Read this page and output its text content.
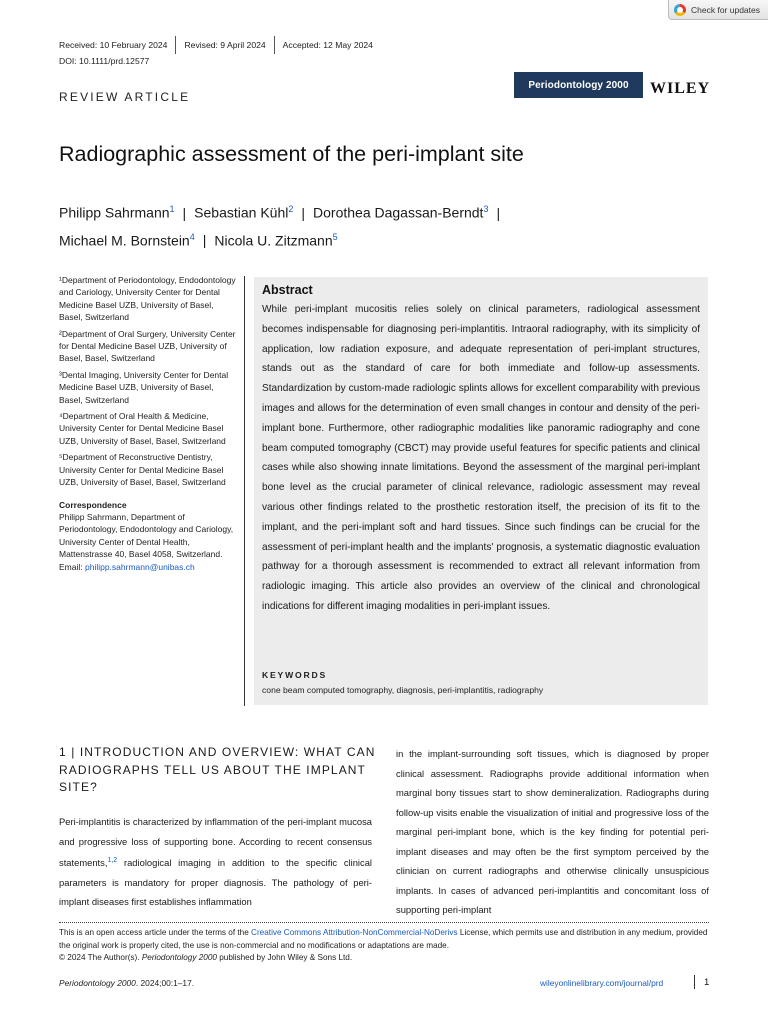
Check for updates
Received: 10 February 2024 Revised: 9 April 2024 Accepted: 12 May 2024
DOI: 10.1111/prd.12577
Periodontology 2000	WILEY
REVIEW ARTICLE
Radiographic assessment of the peri-implant site
Philipp Sahrmann$^1$ | Sebastian Kühl$^2$ | Dorothea Dagassan-Berndt$^3$ |
Michael M. Bornstein$^4$ | Nicola U. Zitzmann$^5$
¹Department of Periodontology, Endodontology and Cariology, University Center for Dental Medicine Basel UZB, University of Basel, Basel, Switzerland
²Department of Oral Surgery, University Center for Dental Medicine Basel UZB, University of Basel, Basel, Switzerland
³Dental Imaging, University Center for Dental Medicine Basel UZB, University of Basel, Basel, Switzerland
⁴Department of Oral Health & Medicine, University Center for Dental Medicine Basel UZB, University of Basel, Basel, Switzerland
⁵Department of Reconstructive Dentistry, University Center for Dental Medicine Basel UZB, University of Basel, Basel, Switzerland
Correspondence
Philipp Sahrmann, Department of Periodontology, Endodontology and Cariology, University Center of Dental Health, Mattenstrasse 40, Basel 4058, Switzerland.
Email: philipp.sahrmann@unibas.ch
Abstract
While peri-implant mucositis relies solely on clinical parameters, radiological assessment becomes indispensable for diagnosing peri-implantitis. Intraoral radiography, with its simplicity of application, low radiation exposure, and adequate representation of peri-implant structures, stands out as the standard of care for both immediate and follow-up assessments. Standardization by custom-made radiologic splints allows for excellent comparability with previous images and allows for the determination of even small changes in contour and density of the peri-implant bone. Furthermore, other radiographic modalities like panoramic radiography and cone beam computed tomography (CBCT) may provide useful features for specific patients and clinical cases while also showing innate limitations. Beyond the assessment of the marginal peri-implant bone level as the crucial parameter of clinical relevance, radiologic assessment may reveal various other findings related to the prosthetic restoration itself, the precision of its fit to the implant, and the peri-implant soft and hard tissues. Since such findings can be crucial for the assessment of peri-implant health and the implants' prognosis, a systematic diagnostic evaluation pathway for a thorough assessment is recommended to extract all relevant information from radiologic imaging. This article also provides an overview of the clinical and chronological indications for different imaging modalities in peri-implant issues.
KEYWORDS
cone beam computed tomography, diagnosis, peri-implantitis, radiography
1 | INTRODUCTION AND OVERVIEW: WHAT CAN RADIOGRAPHS TELL US ABOUT THE IMPLANT SITE?
Peri-implantitis is characterized by inflammation of the peri-implant mucosa and progressive loss of supporting bone. According to recent consensus statements,$^{1,2}$ radiological imaging in addition to the specific clinical parameters is mandatory for proper diagnosis. The pathology of peri-implant diseases first establishes inflammation
in the implant-surrounding soft tissues, which is diagnosed by proper clinical assessment. Radiographs provide additional information when marginal bony tissues start to show demineralization. Radiographs during follow-up visits enable the visualization of initial and progressive loss of the marginal peri-implant bone, which is the key finding for potential peri-implant diseases and may often be the first symptom perceived by the clinician on current radiographs and otherwise clinically unsuspicious implants. In cases of advanced peri-implantitis and concomitant loss of supporting peri-implant
This is an open access article under the terms of the Creative Commons Attribution-NonCommercial-NoDerivs License, which permits use and distribution in any medium, provided the original work is properly cited, the use is non-commercial and no modifications or adaptations are made.
© 2024 The Author(s). Periodontology 2000 published by John Wiley & Sons Ltd.
Periodontology 2000. 2024;00:1–17.	wileyonlinelibrary.com/journal/prd	1
